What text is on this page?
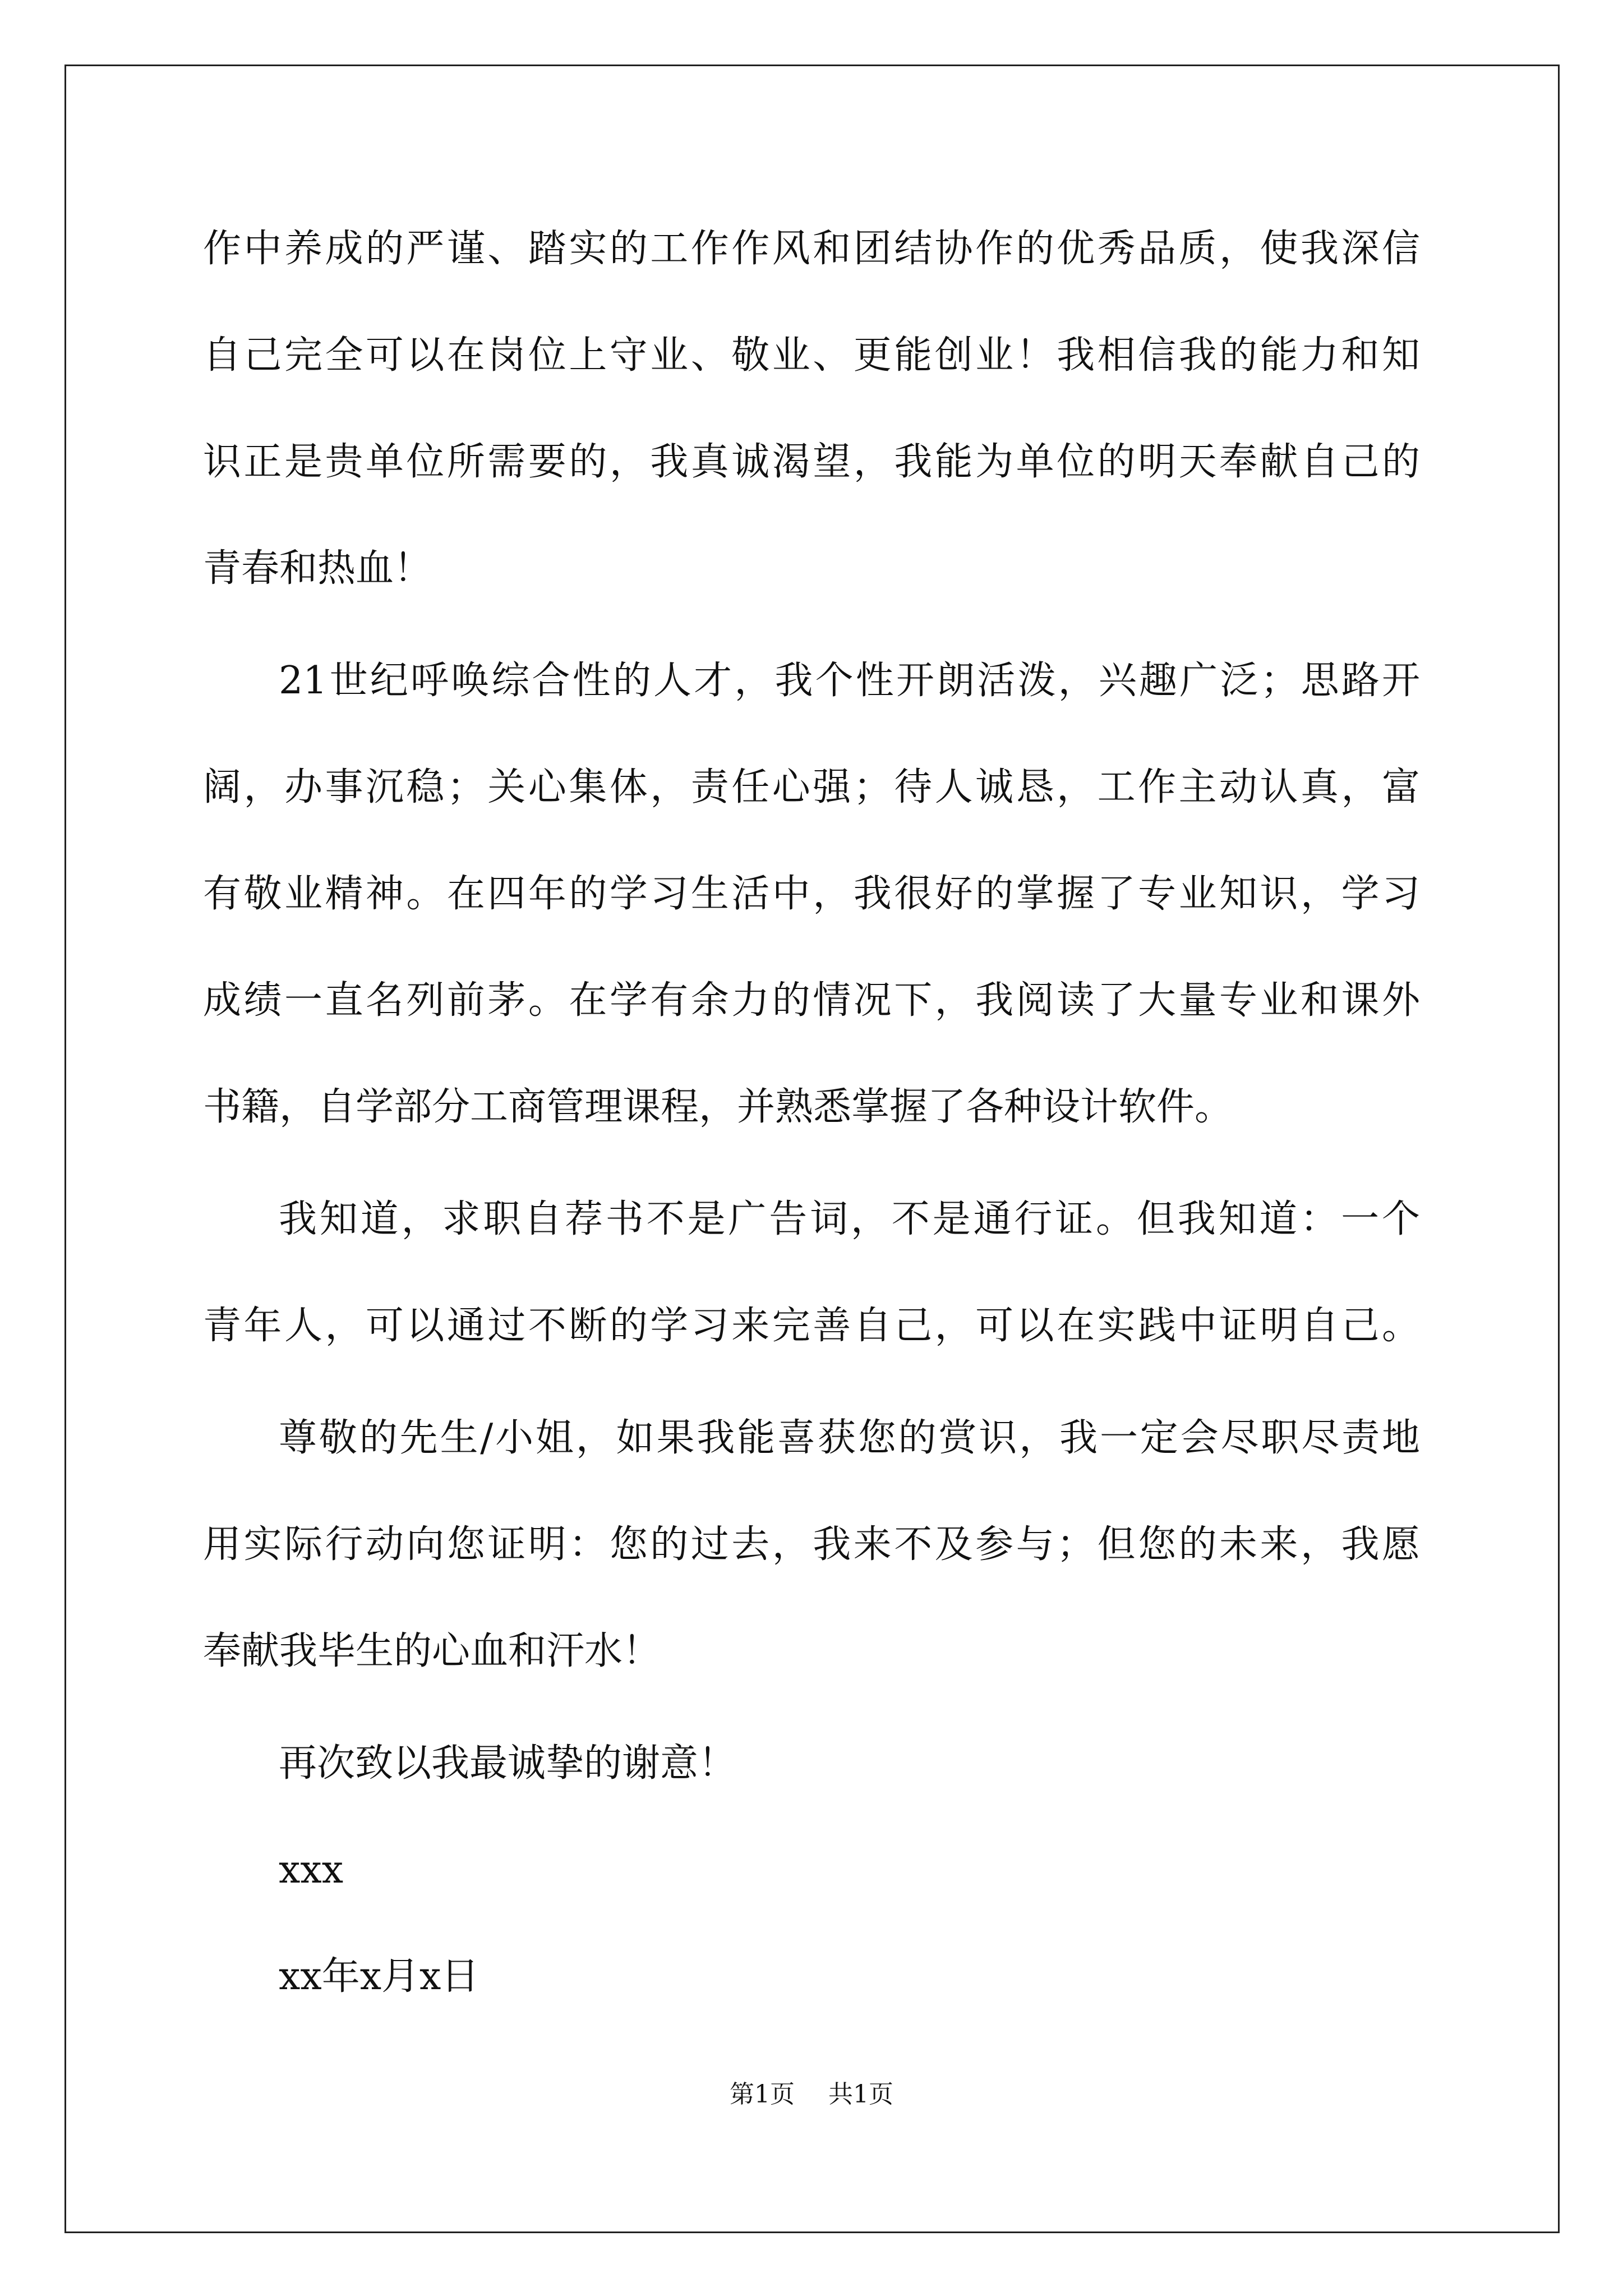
作中养成的严谨、踏实的工作作风和团结协作的优秀品质，使我深信
自己完全可以在岗位上守业、敬业、更能创业！我相信我的能力和知
识正是贵单位所需要的，我真诚渴望，我能为单位的明天奉献自己的
青春和热血！
21世纪呼唤综合性的人才，我个性开朗活泼，兴趣广泛；思路开
阔，办事沉稳；关心集体，责任心强；待人诚恳，工作主动认真，富
有敬业精神。在四年的学习生活中，我很好的掌握了专业知识，学习
成绩一直名列前茅。在学有余力的情况下，我阅读了大量专业和课外
书籍，自学部分工商管理课程，并熟悉掌握了各种设计软件。
我知道，求职自荐书不是广告词，不是通行证。但我知道：一个
青年人，可以通过不断的学习来完善自己，可以在实践中证明自己。
尊敬的先生/小姐，如果我能喜获您的赏识，我一定会尽职尽责地
用实际行动向您证明：您的过去，我来不及参与；但您的未来，我愿
奉献我毕生的心血和汗水！
再次致以我最诚挚的谢意！
xxx
xx年x月x日
第1页 共1页
